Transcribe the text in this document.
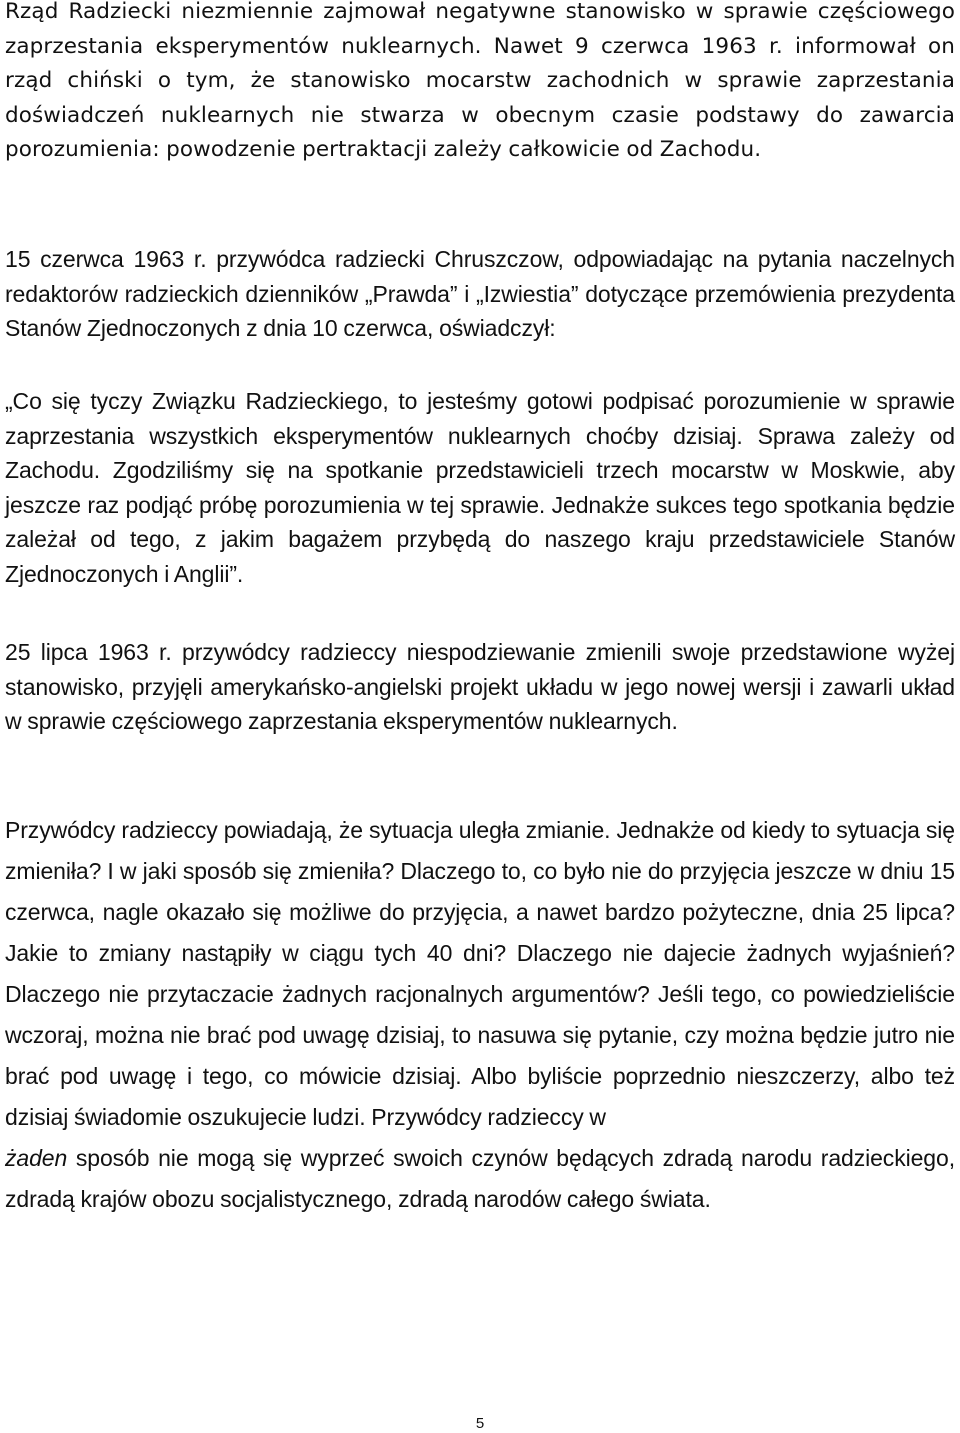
Rząd Radziecki niezmiennie zajmował negatywne stanowisko w sprawie częściowego zaprzestania eksperymentów nuklearnych. Nawet 9 czerwca 1963 r. informował on rząd chiński o tym, że stanowisko mocarstw zachodnich w sprawie zaprzestania doświadczeń nuklearnych nie stwarza w obecnym czasie podstawy do zawarcia porozumienia: powodzenie pertraktacji zależy całkowicie od Zachodu.

15 czerwca 1963 r. przywódca radziecki Chruszczow, odpowiadając na pytania naczelnych redaktorów radzieckich dzienników „Prawda” i „Izwiestia” dotyczące przemówienia prezydenta Stanów Zjednoczonych z dnia 10 czerwca, oświadczył:

„Co się tyczy Związku Radzieckiego, to jesteśmy gotowi podpisać porozumienie w sprawie zaprzestania wszystkich eksperymentów nuklearnych choćby dzisiaj. Sprawa zależy od Zachodu. Zgodziliśmy się na spotkanie przedstawicieli trzech mocarstw w Moskwie, aby jeszcze raz podjąć próbę porozumienia w tej sprawie. Jednakże sukces tego spotkania będzie zależał od tego, z jakim bagażem przybędą do naszego kraju przedstawiciele Stanów Zjednoczonych i Anglii”.

25 lipca 1963 r. przywódcy radzieccy niespodziewanie zmienili swoje przedstawione wyżej stanowisko, przyjęli amerykańsko-angielski projekt układu w jego nowej wersji i zawarli układ w sprawie częściowego zaprzestania eksperymentów nuklearnych.

Przywódcy radzieccy powiadają, że sytuacja uległa zmianie. Jednakże od kiedy to sytuacja się zmieniła? I w jaki sposób się zmieniła? Dlaczego to, co było nie do przyjęcia jeszcze w dniu 15 czerwca, nagle okazało się możliwe do przyjęcia, a nawet bardzo pożyteczne, dnia 25 lipca? Jakie to zmiany nastąpiły w ciągu tych 40 dni? Dlaczego nie dajecie żadnych wyjaśnień? Dlaczego nie przytaczacie żadnych racjonalnych argumentów? Jeśli tego, co powiedzieliście wczoraj, można nie brać pod uwagę dzisiaj, to nasuwa się pytanie, czy można będzie jutro nie brać pod uwagę i tego, co mówicie dzisiaj. Albo byliście poprzednio nieszczerzy, albo też dzisiaj świadomie oszukujecie ludzi. Przywódcy radzieccy w
żaden sposób nie mogą się wyprzeć swoich czynów będących zdradą narodu radzieckiego, zdradą krajów obozu socjalistycznego, zdradą narodów całego świata.

5
